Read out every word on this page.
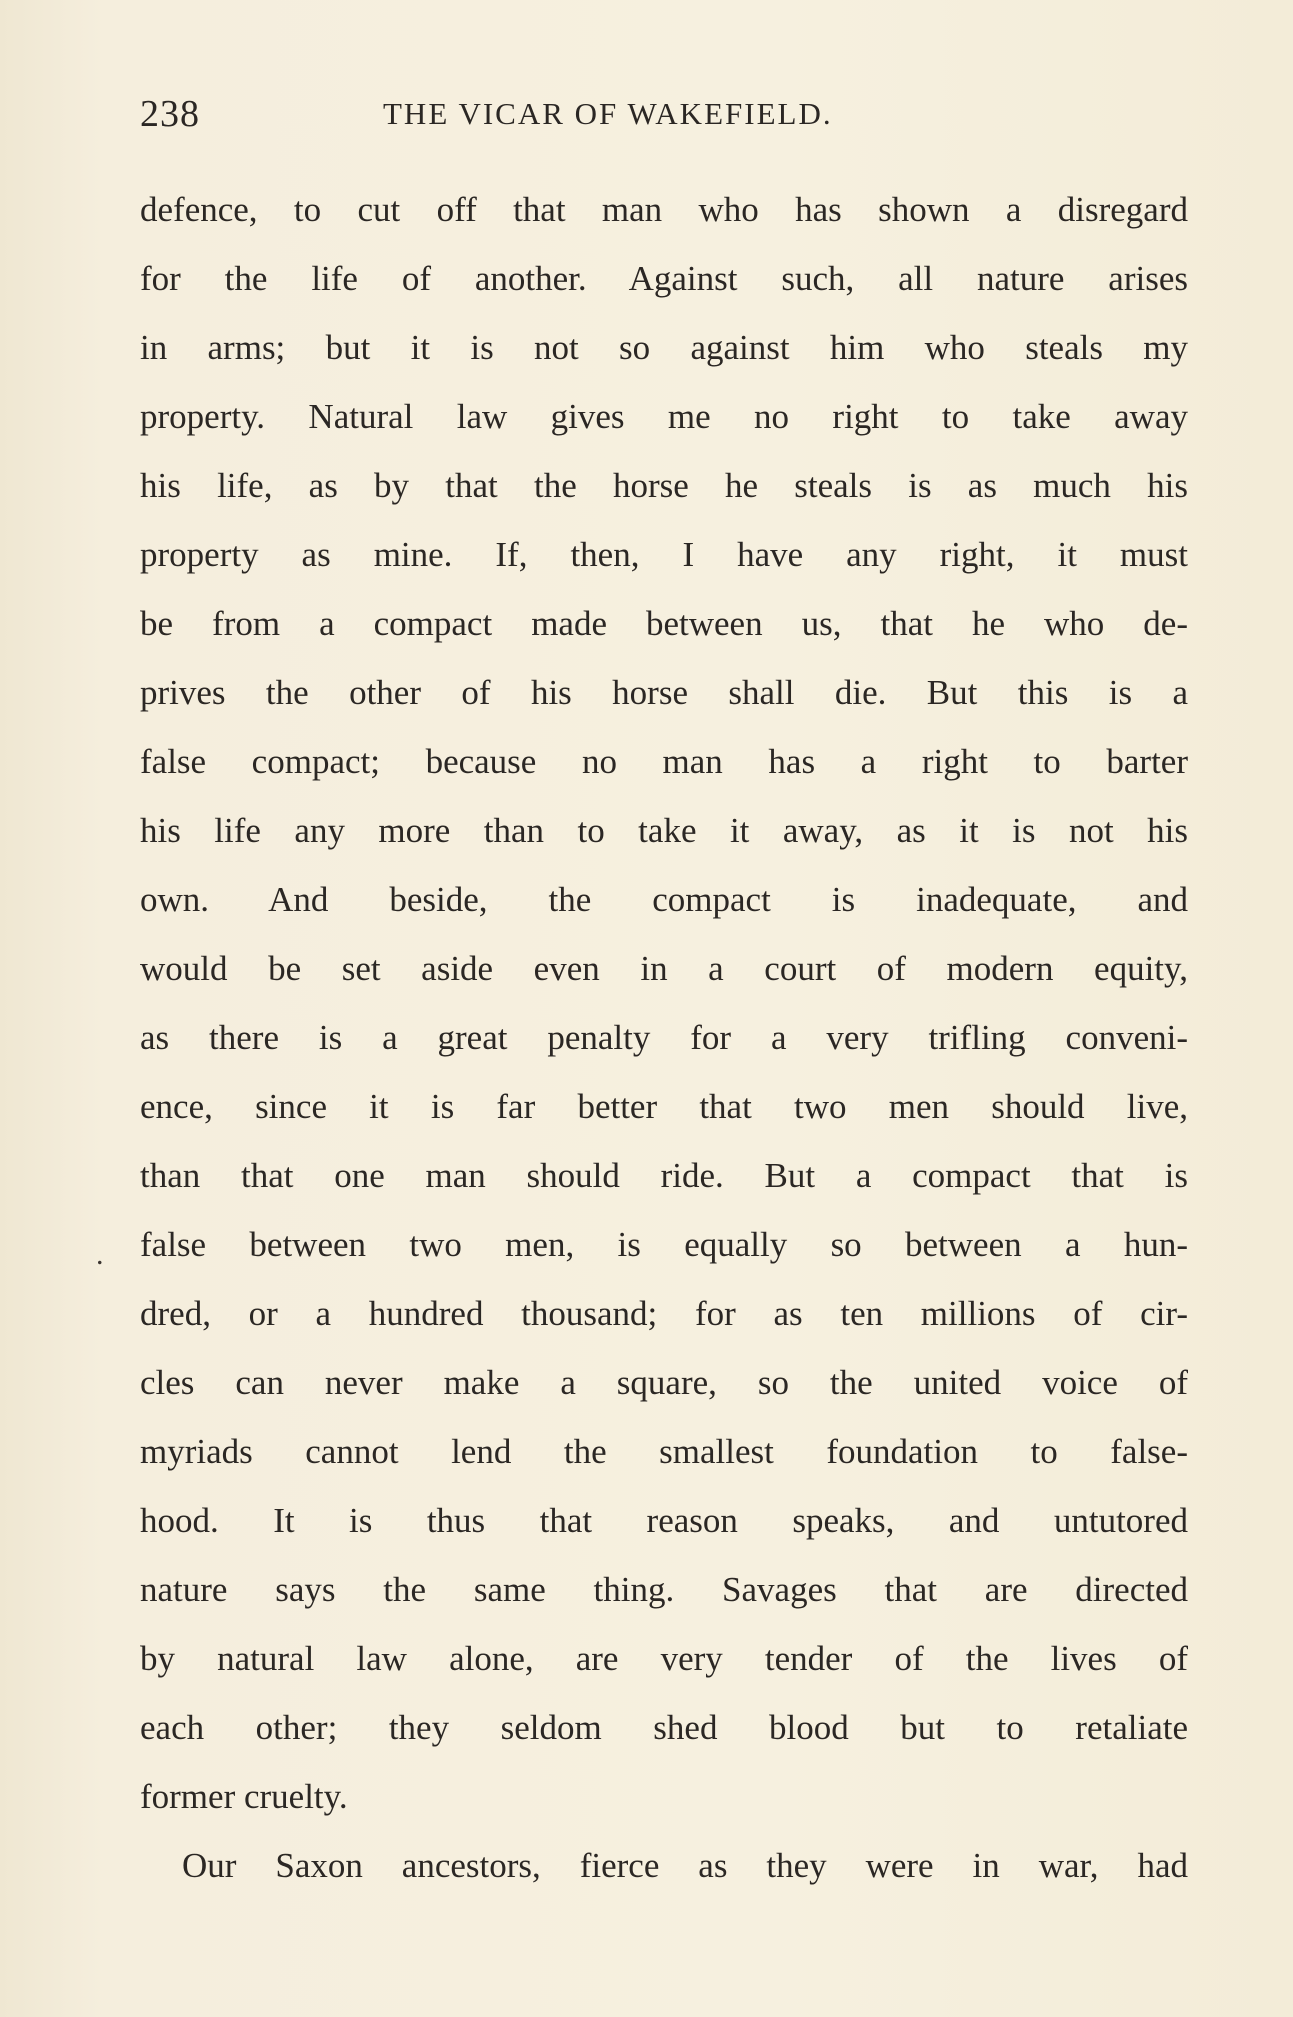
238	THE VICAR OF WAKEFIELD.
.
defence, to cut off that man who has shown a disregard
for the life of another. Against such, all nature arises
in arms; but it is not so against him who steals my
property. Natural law gives me no right to take away
his life, as by that the horse he steals is as much his
property as mine. If, then, I have any right, it must
be from a compact made between us, that he who de-
prives the other of his horse shall die. But this is a
false compact; because no man has a right to barter
his life any more than to take it away, as it is not his
own. And beside, the compact is inadequate, and
would be set aside even in a court of modern equity,
as there is a great penalty for a very trifling conveni-
ence, since it is far better that two men should live,
than that one man should ride. But a compact that is
false between two men, is equally so between a hun-
dred, or a hundred thousand; for as ten millions of cir-
cles can never make a square, so the united voice of
myriads cannot lend the smallest foundation to false-
hood. It is thus that reason speaks, and untutored
nature says the same thing. Savages that are directed
by natural law alone, are very tender of the lives of
each other; they seldom shed blood but to retaliate
former cruelty.
Our Saxon ancestors, fierce as they were in war, had
